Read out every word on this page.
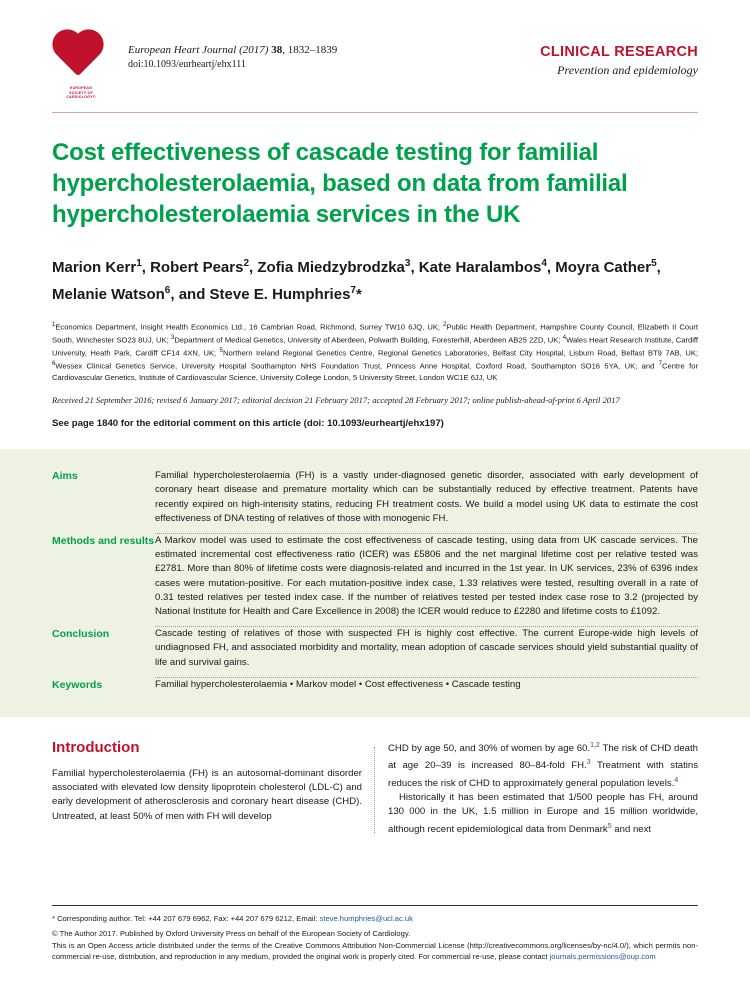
EUROPEAN
SOCIETY OF
CARDIOLOGY®
European Heart Journal (2017) 38, 1832–1839
doi:10.1093/eurheartj/ehx111
CLINICAL RESEARCH
Prevention and epidemiology
Cost effectiveness of cascade testing for familial hypercholesterolaemia, based on data from familial hypercholesterolaemia services in the UK
Marion Kerr$^1$, Robert Pears$^2$, Zofia Miedzybrodzka$^3$, Kate Haralambos$^4$, Moyra Cather$^5$, Melanie Watson$^6$, and Steve E. Humphries$^7$*
$^1$Economics Department, Insight Health Economics Ltd., 16 Cambrian Road, Richmond, Surrey TW10 6JQ, UK; $^2$Public Health Department, Hampshire County Council, Elizabeth II Court South, Winchester SO23 8UJ, UK; $^3$Department of Medical Genetics, University of Aberdeen, Polwarth Building, Foresterhill, Aberdeen AB25 2ZD, UK; $^4$Wales Heart Research Institute, Cardiff University, Heath Park, Cardiff CF14 4XN, UK; $^5$Northern Ireland Regional Genetics Centre, Regional Genetics Laboratories, Belfast City Hospital, Lisburn Road, Belfast BT9 7AB, UK; $^6$Wessex Clinical Genetics Service, University Hospital Southampton NHS Foundation Trust, Princess Anne Hospital, Coxford Road, Southampton SO16 5YA, UK; and $^7$Centre for Cardiovascular Genetics, Institute of Cardiovascular Science, University College London, 5 University Street, London WC1E 6JJ, UK
Received 21 September 2016; revised 6 January 2017; editorial decision 21 February 2017; accepted 28 February 2017; online publish-ahead-of-print 6 April 2017
See page 1840 for the editorial comment on this article (doi: 10.1093/eurheartj/ehx197)
Aims	Familial hypercholesterolaemia (FH) is a vastly under-diagnosed genetic disorder, associated with early development of coronary heart disease and premature mortality which can be substantially reduced by effective treatment. Patents have recently expired on high-intensity statins, reducing FH treatment costs. We build a model using UK data to estimate the cost effectiveness of DNA testing of relatives of those with monogenic FH.
Methods and results A Markov model was used to estimate the cost effectiveness of cascade testing, using data from UK cascade services. The estimated incremental cost effectiveness ratio (ICER) was £5806 and the net marginal lifetime cost per relative tested was £2781. More than 80% of lifetime costs were diagnosis-related and incurred in the 1st year. In UK services, 23% of 6396 index cases were mutation-positive. For each mutation-positive index case, 1.33 relatives were tested, resulting overall in a rate of 0.31 tested relatives per tested index case. If the number of relatives tested per tested index case rose to 3.2 (projected by National Institute for Health and Care Excellence in 2008) the ICER would reduce to £2280 and lifetime costs to £1092.
Conclusion	Cascade testing of relatives of those with suspected FH is highly cost effective. The current Europe-wide high levels of undiagnosed FH, and associated morbidity and mortality, mean adoption of cascade services should yield substantial quality of life and survival gains.
Keywords	Familial hypercholesterolaemia • Markov model • Cost effectiveness • Cascade testing
Introduction
Familial hypercholesterolaemia (FH) is an autosomal-dominant disorder associated with elevated low density lipoprotein cholesterol (LDL-C) and early development of atherosclerosis and coronary heart disease (CHD). Untreated, at least 50% of men with FH will develop
CHD by age 50, and 30% of women by age 60.$^{1,2}$ The risk of CHD death at age 20–39 is increased 80–84-fold FH.$^3$ Treatment with statins reduces the risk of CHD to approximately general population levels.$^4$
Historically it has been estimated that 1/500 people has FH, around 130 000 in the UK, 1.5 million in Europe and 15 million worldwide, although recent epidemiological data from Denmark$^5$ and next
* Corresponding author. Tel: +44 207 679 6962, Fax: +44 207 679 6212, Email: steve.humphries@ucl.ac.uk
© The Author 2017. Published by Oxford University Press on behalf of the European Society of Cardiology.
This is an Open Access article distributed under the terms of the Creative Commons Attribution Non-Commercial License (http://creativecommons.org/licenses/by-nc/4.0/), which permits non-commercial re-use, distribution, and reproduction in any medium, provided the original work is properly cited. For commercial re-use, please contact journals.permissions@oup.com
